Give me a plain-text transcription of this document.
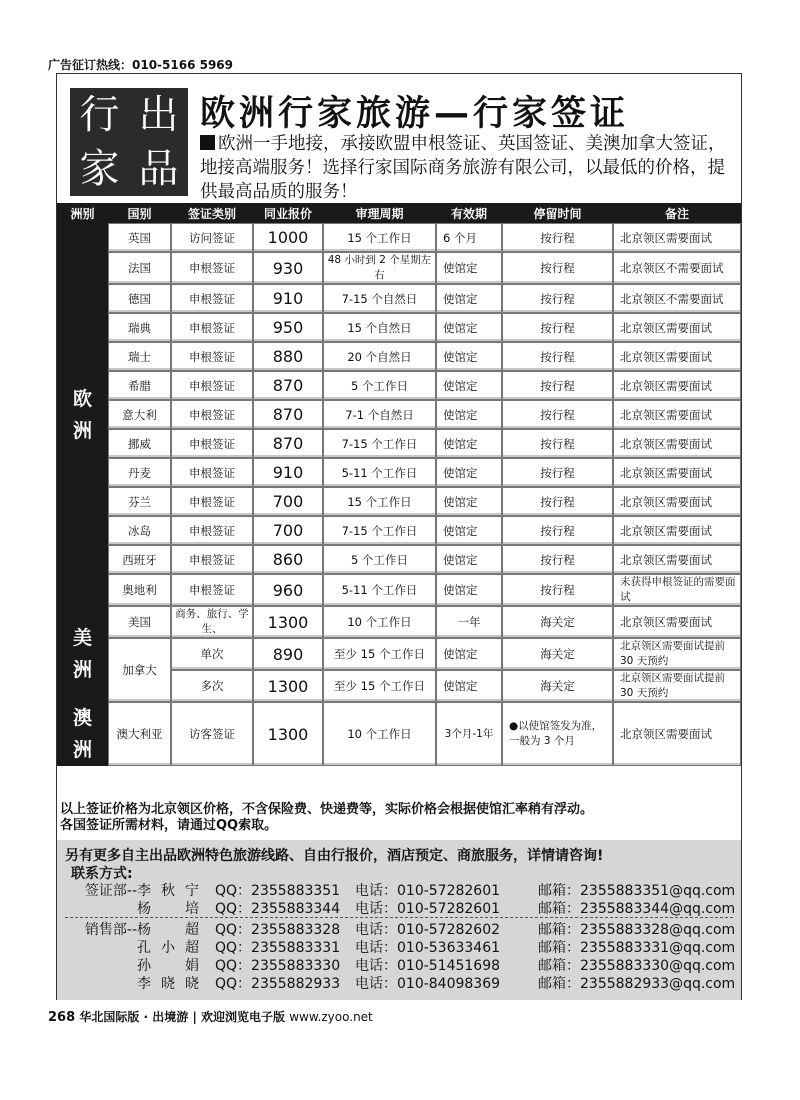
广告征订热线：010-5166 5969
行 出
家 品
欧洲行家旅游—行家签证
欧洲一手地接，承接欧盟申根签证、英国签证、美澳加拿大签证，地接高端服务！选择行家国际商务旅游有限公司，以最低的价格，提供最高品质的服务！
洲别	国别	签证类别	同业报价	审理周期	有效期	停留时间	备注
欧
洲	英国	访问签证	1000	15 个工作日	6 个月	按行程	北京领区需要面试
	法国	申根签证	930	48 小时到 2 个星期左右	使馆定	按行程	北京领区不需要面试
	德国	申根签证	910	7-15 个自然日	使馆定	按行程	北京领区不需要面试
	瑞典	申根签证	950	15 个自然日	使馆定	按行程	北京领区需要面试
	瑞士	申根签证	880	20 个自然日	使馆定	按行程	北京领区需要面试
	希腊	申根签证	870	5 个工作日	使馆定	按行程	北京领区需要面试
	意大利	申根签证	870	7-1 个自然日	使馆定	按行程	北京领区需要面试
	挪威	申根签证	870	7-15 个工作日	使馆定	按行程	北京领区需要面试
	丹麦	申根签证	910	5-11 个工作日	使馆定	按行程	北京领区需要面试
	芬兰	申根签证	700	15 个工作日	使馆定	按行程	北京领区需要面试
	冰岛	申根签证	700	7-15 个工作日	使馆定	按行程	北京领区需要面试
	西班牙	申根签证	860	5 个工作日	使馆定	按行程	北京领区需要面试
	奥地利	申根签证	960	5-11 个工作日	使馆定	按行程	未获得申根签证的需要面试
美
洲	美国	商务、旅行、学生、	1300	10 个工作日	一年	海关定	北京领区需要面试
	加拿大	单次	890	至少 15 个工作日	使馆定	海关定	北京领区需要面试提前 30 天预约
		多次	1300	至少 15 个工作日	使馆定	海关定	北京领区需要面试提前 30 天预约
澳
洲	澳大利亚	访客签证	1300	10 个工作日	3个月-1年	●以使馆签发为准，一般为 3 个月	北京领区需要面试
以上签证价格为北京领区价格，不含保险费、快递费等，实际价格会根据使馆汇率稍有浮动。
各国签证所需材料，请通过QQ索取。
另有更多自主出品欧洲特色旅游线路、自由行报价，酒店预定、商旅服务，详情请咨询!
联系方式:
签证部-- 李秋宁 QQ：2355883351 电话：010-57282601	邮箱：2355883351@qq.com
杨 培 QQ：2355883344 电话：010-57282601	邮箱：2355883344@qq.com
销售部-- 杨 超 QQ：2355883328 电话：010-57282602	邮箱：2355883328@qq.com
孔小超 QQ：2355883331 电话：010-53633461	邮箱：2355883331@qq.com
孙 娟 QQ：2355883330 电话：010-51451698	邮箱：2355883330@qq.com
李晓晓 QQ：2355882933 电话：010-84098369	邮箱：2355882933@qq.com
268 华北国际版 · 出境游 | 欢迎浏览电子版 www.zyoo.net
